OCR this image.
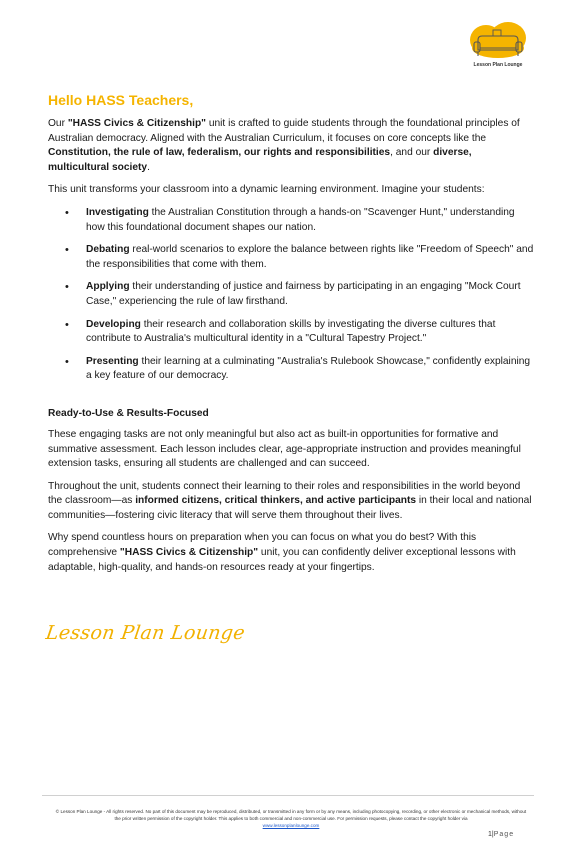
Lesson Plan Lounge
Hello HASS Teachers,

Our "HASS Civics & Citizenship" unit is crafted to guide students through the foundational principles of Australian democracy. Aligned with the Australian Curriculum, it focuses on core concepts like the Constitution, the rule of law, federalism, our rights and responsibilities, and our diverse, multicultural society.

This unit transforms your classroom into a dynamic learning environment. Imagine your students:

• Investigating the Australian Constitution through a hands-on "Scavenger Hunt," understanding how this foundational document shapes our nation.
• Debating real-world scenarios to explore the balance between rights like "Freedom of Speech" and the responsibilities that come with them.
• Applying their understanding of justice and fairness by participating in an engaging "Mock Court Case," experiencing the rule of law firsthand.
• Developing their research and collaboration skills by investigating the diverse cultures that contribute to Australia's multicultural identity in a "Cultural Tapestry Project."
• Presenting their learning at a culminating "Australia's Rulebook Showcase," confidently explaining a key feature of our democracy.
Ready-to-Use & Results-Focused

These engaging tasks are not only meaningful but also act as built-in opportunities for formative and summative assessment. Each lesson includes clear, age-appropriate instruction and provides meaningful extension tasks, ensuring all students are challenged and can succeed.

Throughout the unit, students connect their learning to their roles and responsibilities in the world beyond the classroom—as informed citizens, critical thinkers, and active participants in their local and national communities—fostering civic literacy that will serve them throughout their lives.

Why spend countless hours on preparation when you can focus on what you do best? With this comprehensive "HASS Civics & Citizenship" unit, you can confidently deliver exceptional lessons with adaptable, high-quality, and hands-on resources ready at your fingertips.

Lesson Plan Lounge
© Lesson Plan Lounge - All rights reserved. No part of this document may be reproduced, distributed, or transmitted in any form or by any means, including photocopying, recording, or other electronic or mechanical methods, without the prior written permission of the copyright holder. This applies to both commercial and non-commercial use. For permission requests, please contact the copyright holder via
www.lessonplanlounge.com
1|Page
